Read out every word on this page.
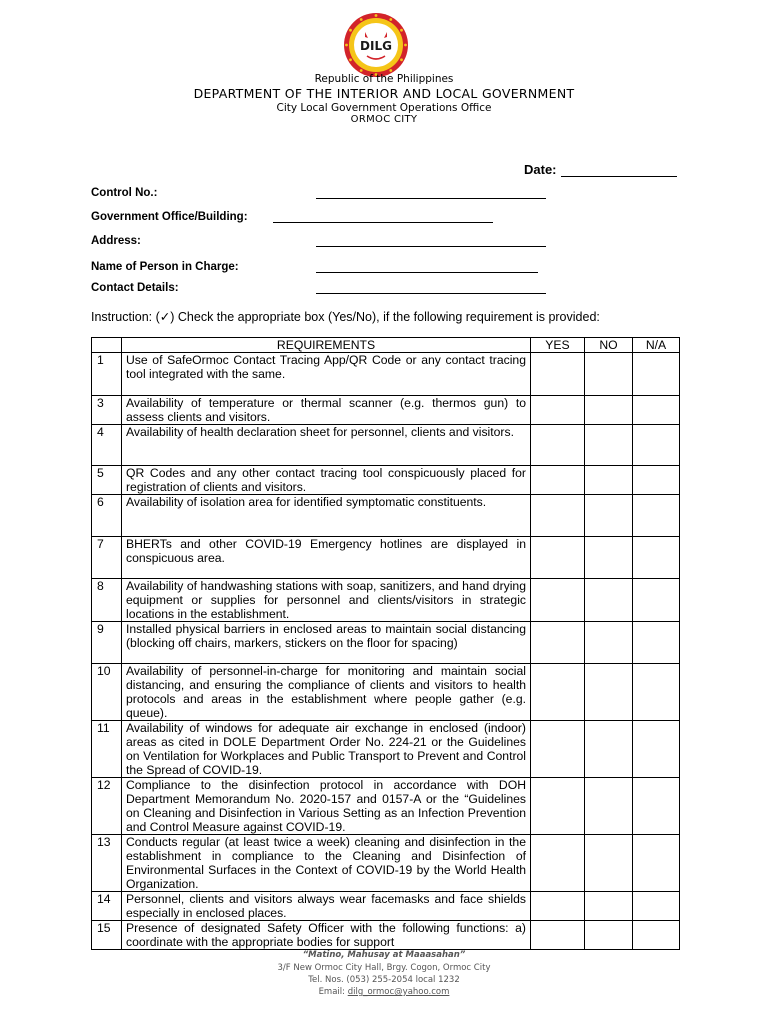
DILG
Republic of the Philippines
DEPARTMENT OF THE INTERIOR AND LOCAL GOVERNMENT
City Local Government Operations Office
ORMOC CITY
Date:
Control No.:
Government Office/Building:
Address:
Name of Person in Charge:
Contact Details:
Instruction: (✓) Check the appropriate box (Yes/No), if the following requirement is provided:
	REQUIREMENTS	YES	NO	N/A
1	Use of SafeOrmoc Contact Tracing App/QR Code or any contact tracing tool integrated with the same.			
3	Availability of temperature or thermal scanner (e.g. thermos gun) to assess clients and visitors.			
4	Availability of health declaration sheet for personnel, clients and visitors.			
5	QR Codes and any other contact tracing tool conspicuously placed for registration of clients and visitors.			
6	Availability of isolation area for identified symptomatic constituents.			
7	BHERTs and other COVID-19 Emergency hotlines are displayed in conspicuous area.			
8	Availability of handwashing stations with soap, sanitizers, and hand drying equipment or supplies for personnel and clients/visitors in strategic locations in the establishment.			
9	Installed physical barriers in enclosed areas to maintain social distancing (blocking off chairs, markers, stickers on the floor for spacing)			
10	Availability of personnel-in-charge for monitoring and maintain social distancing, and ensuring the compliance of clients and visitors to health protocols and areas in the establishment where people gather (e.g. queue).			
11	Availability of windows for adequate air exchange in enclosed (indoor) areas as cited in DOLE Department Order No. 224-21 or the Guidelines on Ventilation for Workplaces and Public Transport to Prevent and Control the Spread of COVID-19.			
12	Compliance to the disinfection protocol in accordance with DOH Department Memorandum No. 2020-157 and 0157-A or the “Guidelines on Cleaning and Disinfection in Various Setting as an Infection Prevention and Control Measure against COVID-19.			
13	Conducts regular (at least twice a week) cleaning and disinfection in the establishment in compliance to the Cleaning and Disinfection of Environmental Surfaces in the Context of COVID-19 by the World Health Organization.			
14	Personnel, clients and visitors always wear facemasks and face shields especially in enclosed places.			
15	Presence of designated Safety Officer with the following functions: a) coordinate with the appropriate bodies for support			
“Matino, Mahusay at Maaasahan”
3/F New Ormoc City Hall, Brgy. Cogon, Ormoc City
Tel. Nos. (053) 255-2054 local 1232
Email: dilg_ormoc@yahoo.com
